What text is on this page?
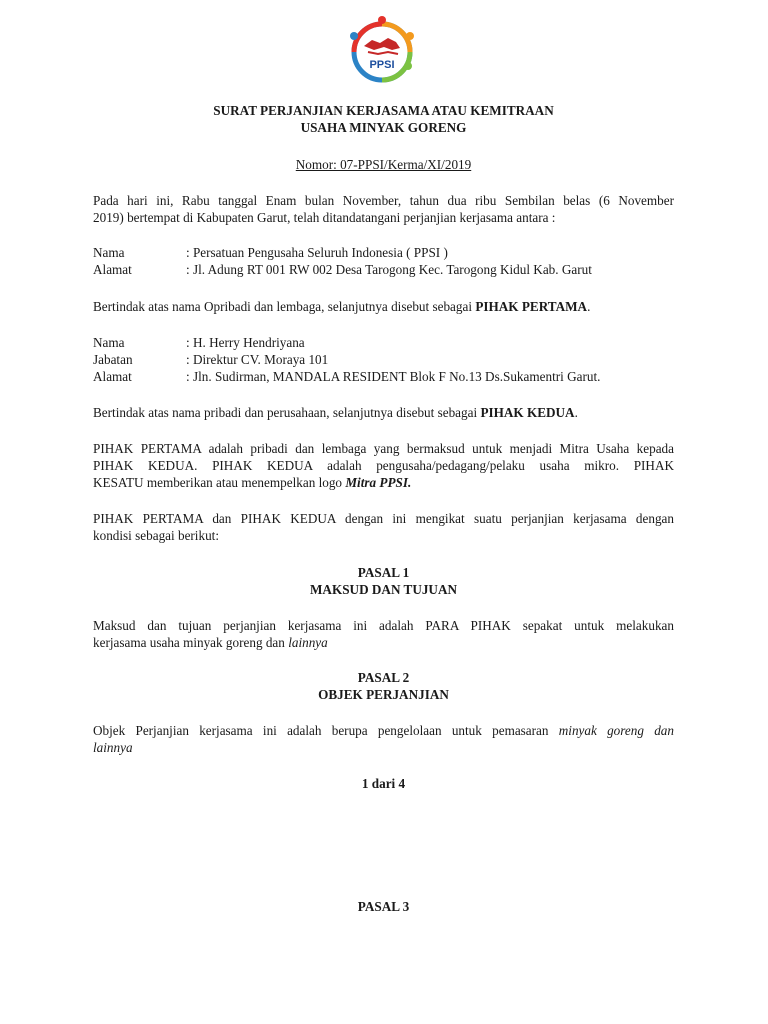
PPSI
SURAT PERJANJIAN KERJASAMA ATAU KEMITRAAN
USAHA MINYAK GORENG
Nomor: 07-PPSI/Kerma/XI/2019
Pada hari ini, Rabu tanggal Enam bulan November, tahun dua ribu Sembilan belas (6 November
2019) bertempat di Kabupaten Garut, telah ditandatangani perjanjian kerjasama antara :
Nama	: Persatuan Pengusaha Seluruh Indonesia ( PPSI )
Alamat	: Jl. Adung RT 001 RW 002 Desa Tarogong Kec. Tarogong Kidul Kab. Garut
Bertindak atas nama Opribadi dan lembaga, selanjutnya disebut sebagai PIHAK PERTAMA.
Nama	: H. Herry Hendriyana
Jabatan	: Direktur CV. Moraya 101
Alamat	: Jln. Sudirman, MANDALA RESIDENT Blok F No.13 Ds.Sukamentri Garut.
Bertindak atas nama pribadi dan perusahaan, selanjutnya disebut sebagai PIHAK KEDUA.
PIHAK PERTAMA adalah pribadi dan lembaga yang bermaksud untuk menjadi Mitra Usaha kepada
PIHAK KEDUA. PIHAK KEDUA adalah pengusaha/pedagang/pelaku usaha mikro. PIHAK
KESATU memberikan atau menempelkan logo Mitra PPSI.
PIHAK PERTAMA dan PIHAK KEDUA dengan ini mengikat suatu perjanjian kerjasama dengan
kondisi sebagai berikut:
PASAL 1
MAKSUD DAN TUJUAN
Maksud dan tujuan perjanjian kerjasama ini adalah PARA PIHAK sepakat untuk melakukan
kerjasama usaha minyak goreng dan lainnya
PASAL 2
OBJEK PERJANJIAN
Objek Perjanjian kerjasama ini adalah berupa pengelolaan untuk pemasaran minyak goreng dan
lainnya
1 dari 4
PASAL 3
